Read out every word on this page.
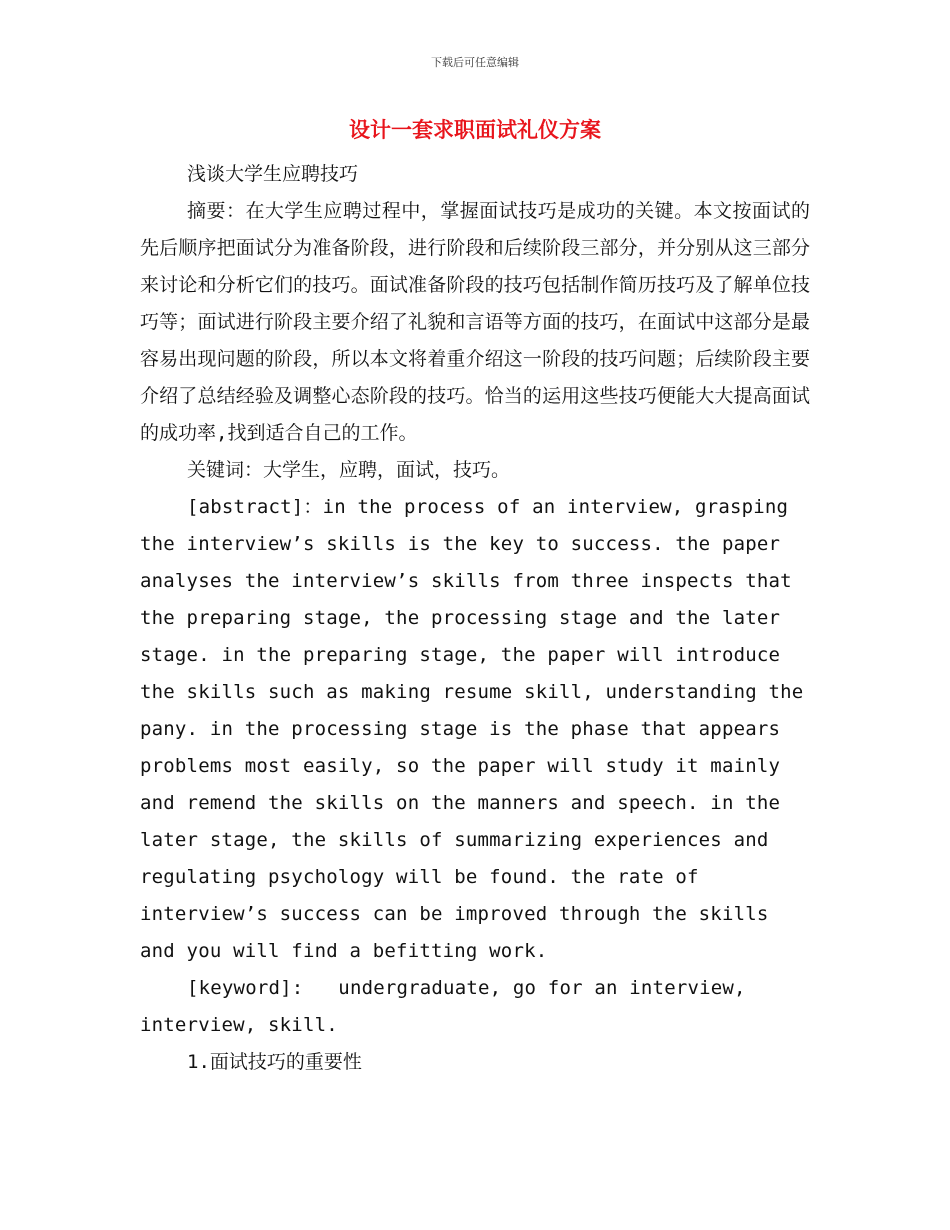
下载后可任意编辑
设计一套求职面试礼仪方案

浅谈大学生应聘技巧

摘要：在大学生应聘过程中，掌握面试技巧是成功的关键。本文按面试的先后顺序把面试分为准备阶段，进行阶段和后续阶段三部分，并分别从这三部分来讨论和分析它们的技巧。面试准备阶段的技巧包括制作简历技巧及了解单位技巧等；面试进行阶段主要介绍了礼貌和言语等方面的技巧，在面试中这部分是最容易出现问题的阶段，所以本文将着重介绍这一阶段的技巧问题；后续阶段主要介绍了总结经验及调整心态阶段的技巧。恰当的运用这些技巧便能大大提高面试的成功率,找到适合自己的工作。

关键词：大学生，应聘，面试，技巧。

[abstract]：in the process of an interview, grasping the interview’s skills is the key to success. the paper analyses the interview’s skills from three inspects that the preparing stage, the processing stage and the later stage. in the preparing stage, the paper will introduce the skills such as making resume skill, understanding the pany. in the processing stage is the phase that appears problems most easily, so the paper will study it mainly and remend the skills on the manners and speech. in the later stage, the skills of summarizing experiences and regulating psychology will be found. the rate of interview’s success can be improved through the skills and you will find a befitting work.

[keyword]:   undergraduate, go for an interview, interview, skill.

1.面试技巧的重要性
